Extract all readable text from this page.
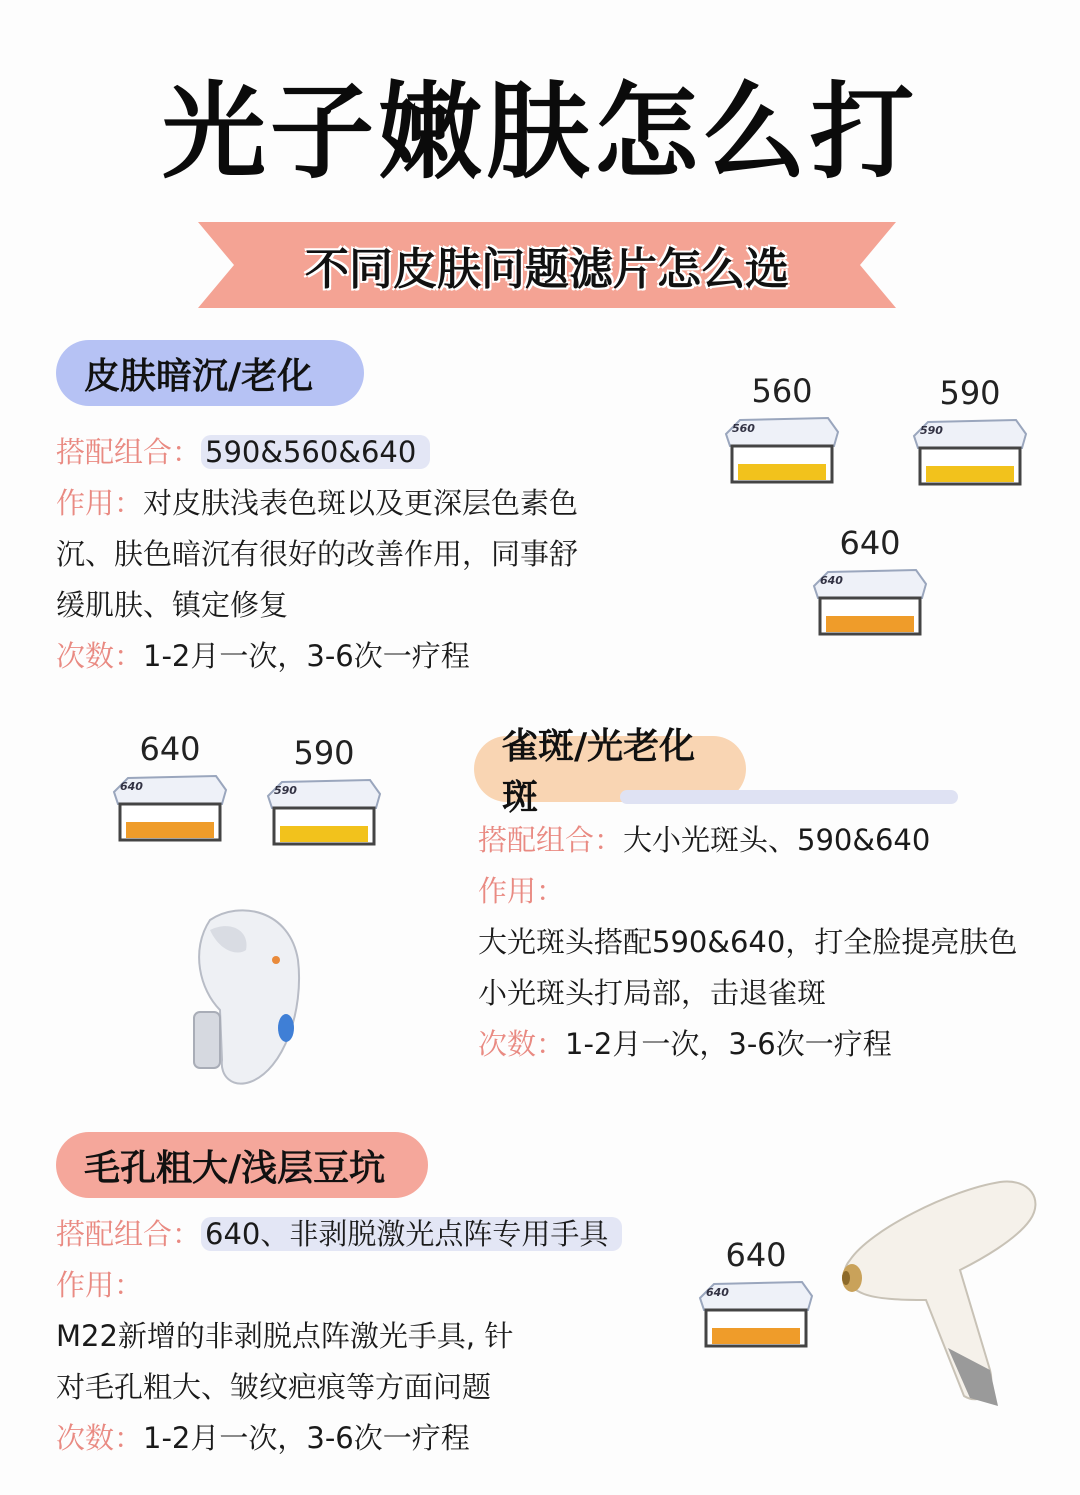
光子嫩肤怎么打
不同皮肤问题滤片怎么选
皮肤暗沉/老化
搭配组合： 590&560&640
作用：对皮肤浅表色斑以及更深层色素色
沉、肤色暗沉有很好的改善作用，同事舒
缓肌肤、镇定修复
次数：1-2月一次，3-6次一疗程
560
560
590
590
640
640
640
640
590
590
雀斑/光老化斑
搭配组合：大小光斑头、590&640
作用：
大光斑头搭配590&640，打全脸提亮肤色
小光斑头打局部，击退雀斑
次数：1-2月一次，3-6次一疗程
毛孔粗大/浅层豆坑
搭配组合： 640、非剥脱激光点阵专用手具
作用：
M22新增的非剥脱点阵激光手具, 针
对毛孔粗大、皱纹疤痕等方面问题
次数：1-2月一次，3-6次一疗程
640
640
